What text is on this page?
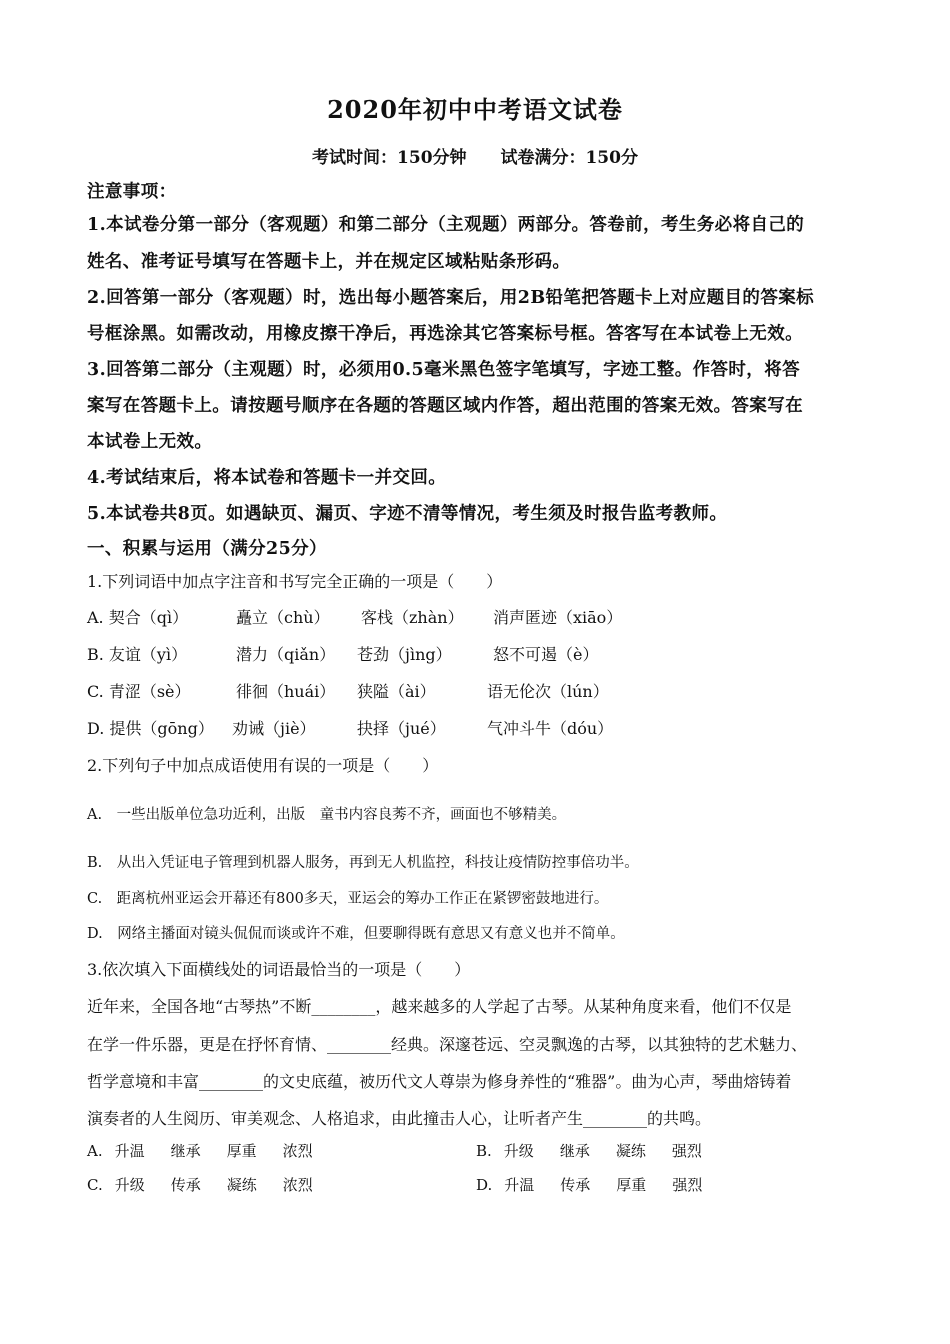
2020年初中中考语文试卷
考试时间：150分钟 试卷满分：150分
注意事项：
1.本试卷分第一部分（客观题）和第二部分（主观题）两部分。答卷前，考生务必将自己的
姓名、准考证号填写在答题卡上，并在规定区域粘贴条形码。
2.回答第一部分（客观题）时，选出每小题答案后，用2B铅笔把答题卡上对应题目的答案标
号框涂黑。如需改动，用橡皮擦干净后，再选涂其它答案标号框。答客写在本试卷上无效。
3.回答第二部分（主观题）时，必须用0.5毫米黑色签字笔填写，字迹工整。作答时，将答
案写在答题卡上。请按题号顺序在各题的答题区域内作答，超出范围的答案无效。答案写在
本试卷上无效。
4.考试结束后，将本试卷和答题卡一并交回。
5.本试卷共8页。如遇缺页、漏页、字迹不清等情况，考生须及时报告监考教师。
一、积累与运用（满分25分）
1.下列词语中加点字注音和书写完全正确的一项是（　　）
A. 契合（qì）	矗立（chù） 客栈（zhàn） 消声匿迹（xiāo）
B. 友谊（yì）	潜力（qiǎn） 苍劲（jìng）	怒不可遏（è）
C. 青涩（sè）	徘徊（huái） 狭隘（ài）	语无伦次（lún）
D. 提供（gōng） 劝诫（jiè）	抉择（jué）	气冲斗牛（dóu）
2.下列句子中加点成语使用有误的一项是（　　）
A.　一些出版单位急功近利，出版　童书内容良莠不齐，画面也不够精美。
B.　从出入凭证电子管理到机器人服务，再到无人机监控，科技让疫情防控事倍功半。
C.　距离杭州亚运会开幕还有800多天，亚运会的筹办工作正在紧锣密鼓地进行。
D.　网络主播面对镜头侃侃而谈或许不难，但要聊得既有意思又有意义也并不简单。
3.依次填入下面横线处的词语最恰当的一项是（　　）
近年来，全国各地“古琴热”不断________，越来越多的人学起了古琴。从某种角度来看，他们不仅是
在学一件乐器，更是在抒怀育情、________经典。深邃苍远、空灵飘逸的古琴，以其独特的艺术魅力、
哲学意境和丰富________的文史底蕴，被历代文人尊崇为修身养性的“雅器”。曲为心声，琴曲熔铸着
演奏者的人生阅历、审美观念、人格追求，由此撞击人心，让听者产生________的共鸣。
A. 升温 继承 厚重 浓烈	B. 升级 继承 凝练 强烈
C. 升级 传承 凝练 浓烈	D. 升温 传承 厚重 强烈
